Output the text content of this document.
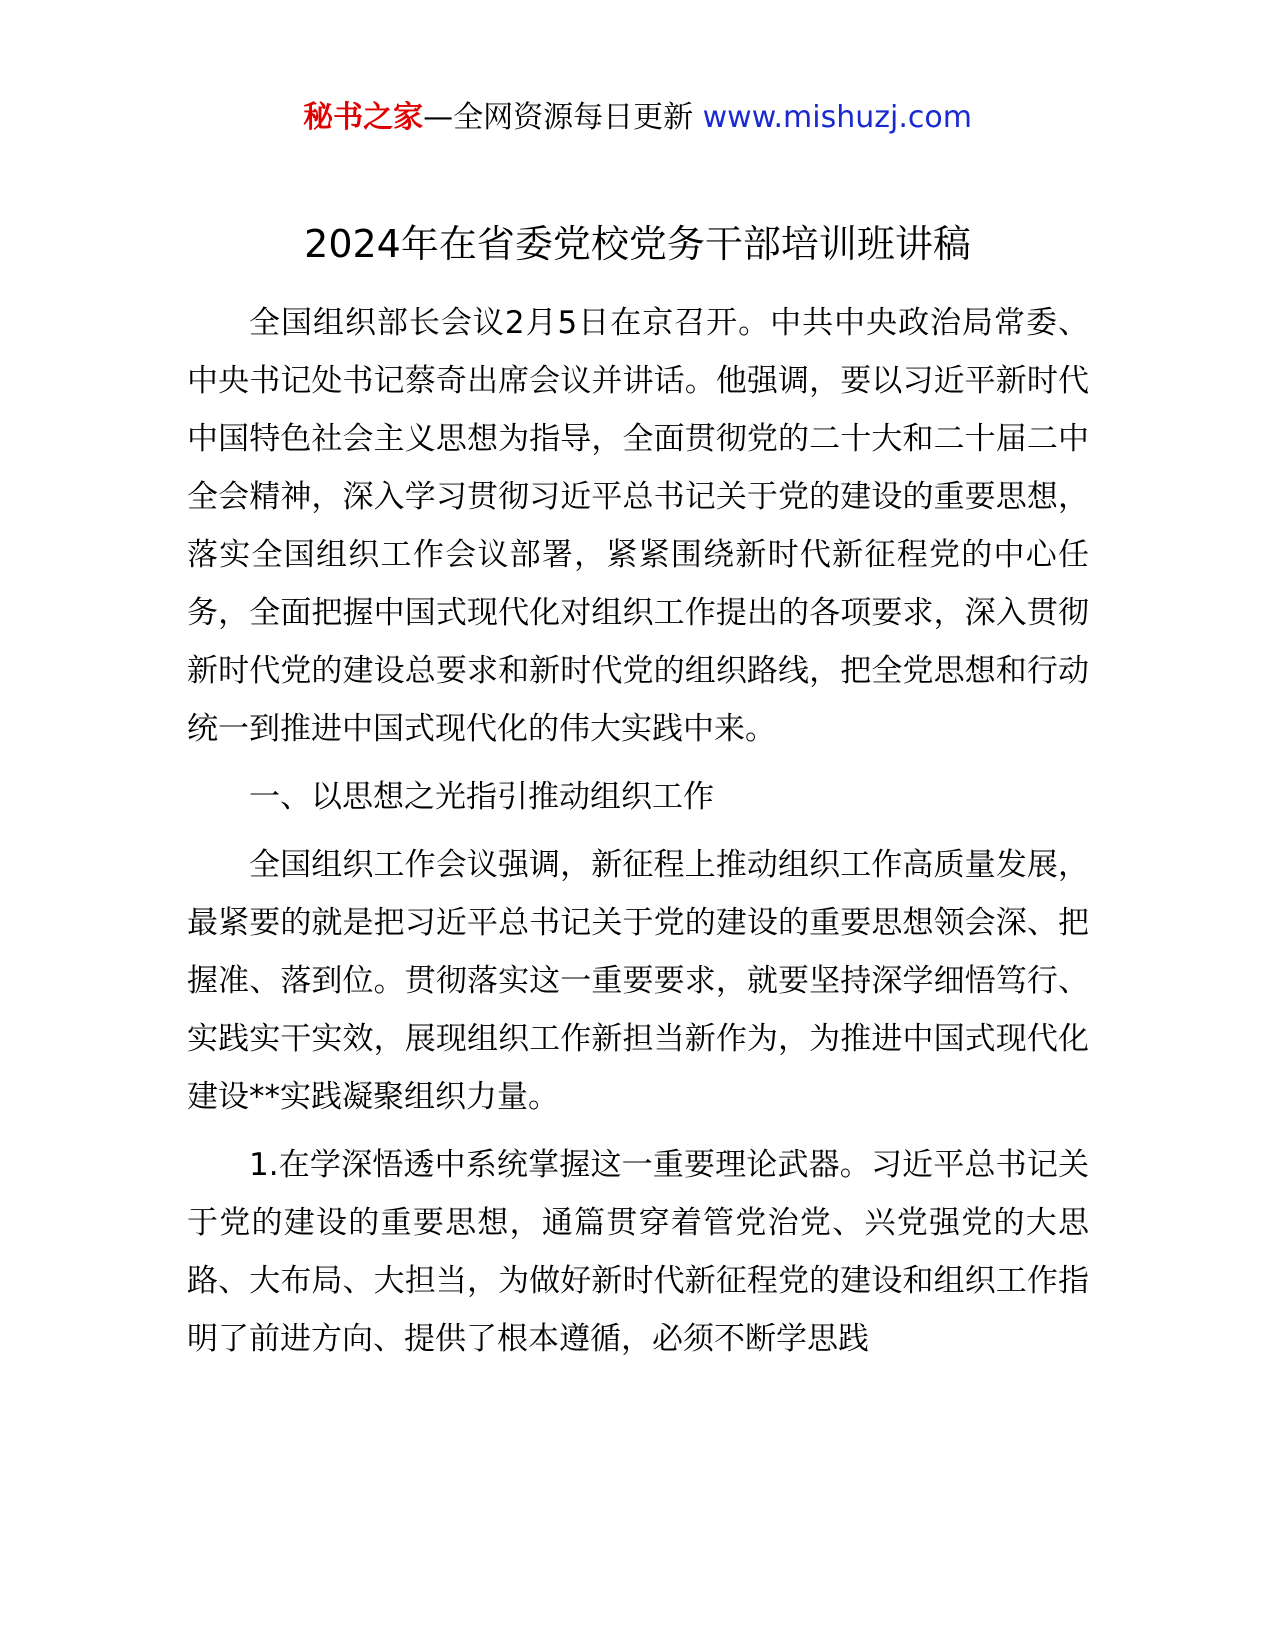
秘书之家—全网资源每日更新 www.mishuzj.com
2024年在省委党校党务干部培训班讲稿

全国组织部长会议2月5日在京召开。中共中央政治局常委、中央书记处书记蔡奇出席会议并讲话。他强调，要以习近平新时代中国特色社会主义思想为指导，全面贯彻党的二十大和二十届二中全会精神，深入学习贯彻习近平总书记关于党的建设的重要思想，落实全国组织工作会议部署，紧紧围绕新时代新征程党的中心任务，全面把握中国式现代化对组织工作提出的各项要求，深入贯彻新时代党的建设总要求和新时代党的组织路线，把全党思想和行动统一到推进中国式现代化的伟大实践中来。

一、以思想之光指引推动组织工作

全国组织工作会议强调，新征程上推动组织工作高质量发展，最紧要的就是把习近平总书记关于党的建设的重要思想领会深、把握准、落到位。贯彻落实这一重要要求，就要坚持深学细悟笃行、实践实干实效，展现组织工作新担当新作为，为推进中国式现代化建设**实践凝聚组织力量。

1.在学深悟透中系统掌握这一重要理论武器。习近平总书记关于党的建设的重要思想，通篇贯穿着管党治党、兴党强党的大思路、大布局、大担当，为做好新时代新征程党的建设和组织工作指明了前进方向、提供了根本遵循，必须不断学思践
